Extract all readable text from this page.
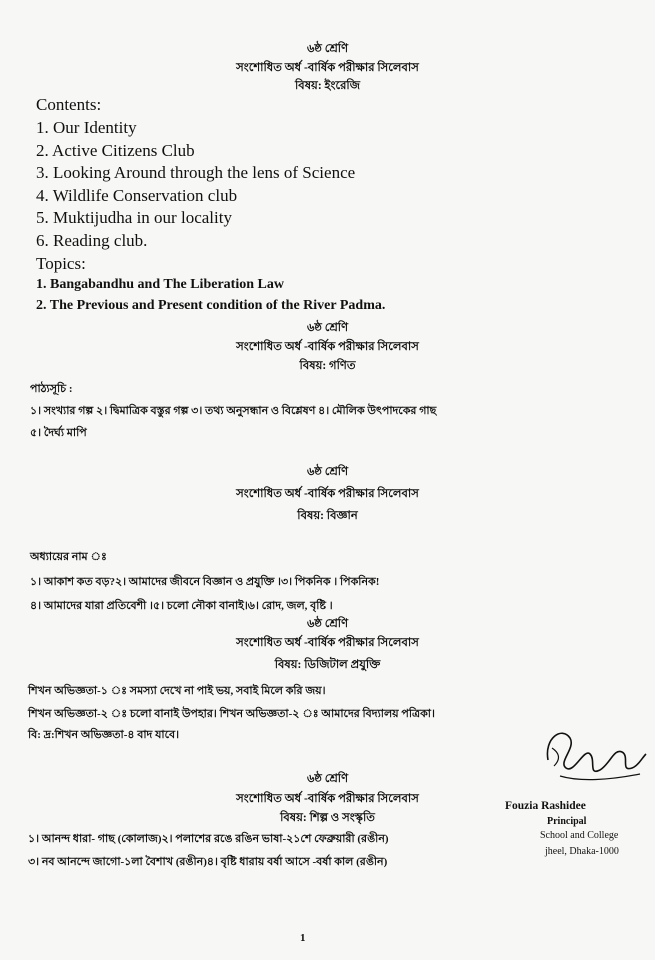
৬ষ্ঠ শ্রেণি
সংশোধিত অর্ধ -বার্ষিক পরীক্ষার সিলেবাস
বিষয়: ইংরেজি
Contents:
1. Our Identity
2. Active Citizens Club
3. Looking Around through the lens of Science
4. Wildlife Conservation club
5. Muktijudha in our locality
6. Reading club.
Topics:
1. Bangabandhu and The Liberation Law
2. The Previous and Present condition of the River Padma.
৬ষ্ঠ শ্রেণি
সংশোধিত অর্ধ -বার্ষিক পরীক্ষার সিলেবাস
বিষয়: গণিত
পাঠ্যসূচি :
১। সংখ্যার গল্প ২। দ্বিমাত্রিক বস্তুর গল্প ৩। তথ্য অনুসন্ধান ও বিশ্লেষণ ৪। মৌলিক উৎপাদকের গাছ
৫। দৈর্ঘ্য মাপি
৬ষ্ঠ শ্রেণি
সংশোধিত অর্ধ -বার্ষিক পরীক্ষার সিলেবাস
বিষয়: বিজ্ঞান
অধ্যায়ের নাম ঃ
১। আকাশ কত বড়?২। আমাদের জীবনে বিজ্ঞান ও প্রযুক্তি ।৩। পিকনিক । পিকনিক!
৪। আমাদের যারা প্রতিবেশী ।৫। চলো নৌকা বানাই।৬। রোদ, জল, বৃষ্টি ।
৬ষ্ঠ শ্রেণি
সংশোধিত অর্ধ -বার্ষিক পরীক্ষার সিলেবাস
বিষয়: ডিজিটাল প্রযুক্তি
শিখন অভিজ্ঞতা-১ ঃ সমস্যা দেখে না পাই ভয়, সবাই মিলে করি জয়।
শিখন অভিজ্ঞতা-২ ঃ চলো বানাই উপহার। শিখন অভিজ্ঞতা-২ ঃ আমাদের বিদ্যালয় পত্রিকা।
বি: দ্র:শিখন অভিজ্ঞতা-৪ বাদ যাবে।
৬ষ্ঠ শ্রেণি
সংশোধিত অর্ধ -বার্ষিক পরীক্ষার সিলেবাস
বিষয়: শিল্প ও সংস্কৃতি
১। আনন্দ ধারা- গাছ (কোলাজ)২। পলাশের রঙে রঙিন ভাষা-২১শে ফেব্রুয়ারী (রঙীন)
৩। নব আনন্দে জাগো-১লা বৈশাখ (রঙীন)৪। বৃষ্টি ধারায় বর্ষা আসে -বর্ষা কাল (রঙীন)
Fouzia Rashidee
Principal
School and College
jheel, Dhaka-1000
1
